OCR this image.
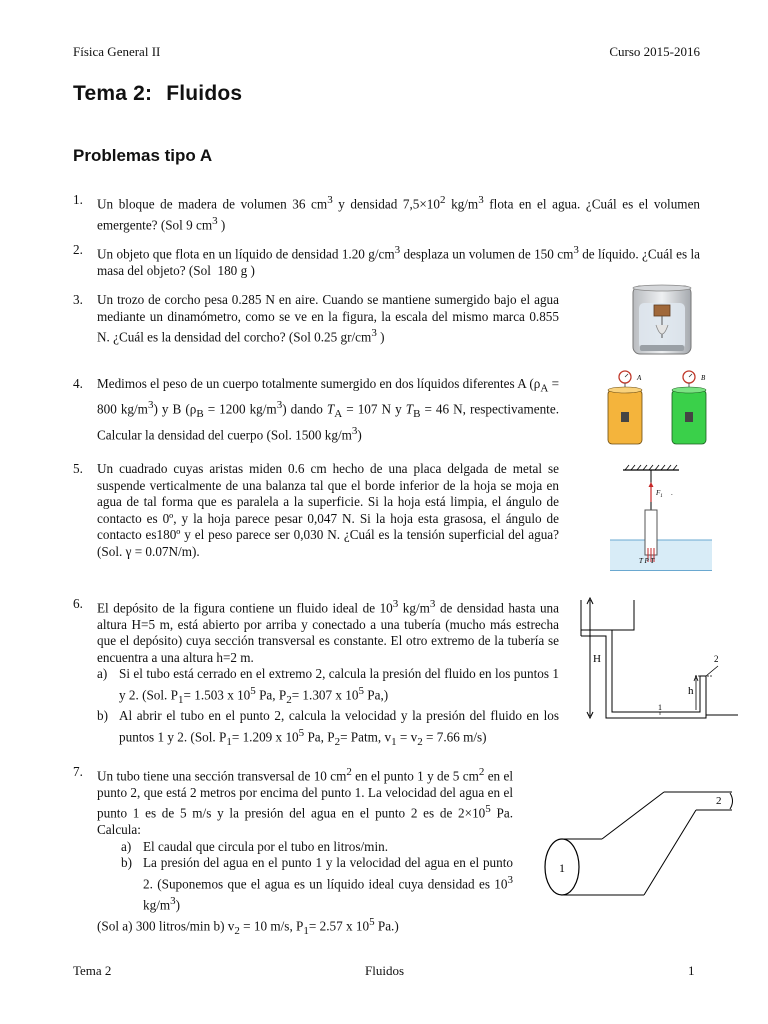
Física General II	Curso 2015-2016
Tema 2: Fluidos
Problemas tipo A
1. Un bloque de madera de volumen 36 $cm^3$ y densidad $7,5\times 10^2$ $kg/m^3$ flota en el agua. ¿Cuál es el volumen emergente? (Sol 9 $cm^3$ )
2. Un objeto que flota en un líquido de densidad 1.20 $g/cm^3$ desplaza un volumen de 150 $cm^3$ de líquido. ¿Cuál es la masa del objeto? (Sol  180 g )
3. Un trozo de corcho pesa 0.285 N en aire. Cuando se mantiene sumergido bajo el agua mediante un dinamómetro, como se ve en la figura, la escala del mismo marca 0.855 N. ¿Cuál es la densidad del corcho? (Sol 0.25 $gr/cm^3$ )
4. Medimos el peso de un cuerpo totalmente sumergido en dos líquidos diferentes A ($\rho_A = 800$ $kg/m^3$) y B ($\rho_B = 1200$ $kg/m^3$) dando $T_A = 107$ N y $T_B = 46$ N, respectivamente. Calcular la densidad del cuerpo (Sol. 1500 $kg/m^3$)
5. Un cuadrado cuyas aristas miden 0.6 cm hecho de una placa delgada de metal se suspende verticalmente de una balanza tal que el borde inferior de la hoja se moja en agua de tal forma que es paralela a la superficie. Si la hoja está limpia, el ángulo de contacto es 0º, y la hoja parece pesar 0,047 N. Si la hoja esta grasosa, el ángulo de contacto es180º y el peso parece ser 0,030 N. ¿Cuál es la tensión superficial del agua? (Sol. γ = 0.07N/m).
6. El depósito de la figura contiene un fluido ideal de $10^3$ $kg/m^3$ de densidad hasta una altura H=5 m, está abierto por arriba y conectado a una tubería (mucho más estrecha que el depósito) cuya sección transversal es constante. El otro extremo de la tubería se encuentra a una altura h=2 m.
a) Si el tubo está cerrado en el extremo 2, calcula la presión del fluido en los puntos 1 y 2. (Sol. $P_1= 1.503$ x $10^5$ Pa, $P_2= 1.307$ x $10^5$ Pa,)
b) Al abrir el tubo en el punto 2, calcula la velocidad y la presión del fluido en los puntos 1 y 2. (Sol. $P_1= 1.209$ x $10^5$ Pa, $P_2=$ Patm, $v_1 = v_2 = 7.66$ m/s)
7. Un tubo tiene una sección transversal de 10 $cm^2$ en el punto 1 y de 5 $cm^2$ en el punto 2, que está 2 metros por encima del punto 1. La velocidad del agua en el punto 1 es de 5 m/s y la presión del agua en el punto 2 es de $2\times 10^5$ Pa. Calcula:
a) El caudal que circula por el tubo en litros/min.
b) La presión del agua en el punto 1 y la velocidad del agua en el punto 2. (Suponemos que el agua es un líquido ideal cuya densidad es $10^3$ $kg/m^3$)
(Sol a) 300 litros/min b) $v_2 = 10$ m/s, $P_1= 2.57$ x $10^5$ Pa.)
A	B
$F_1$ .
T P T
H	2
h
1
1
2
Tema 2	Fluidos	1
